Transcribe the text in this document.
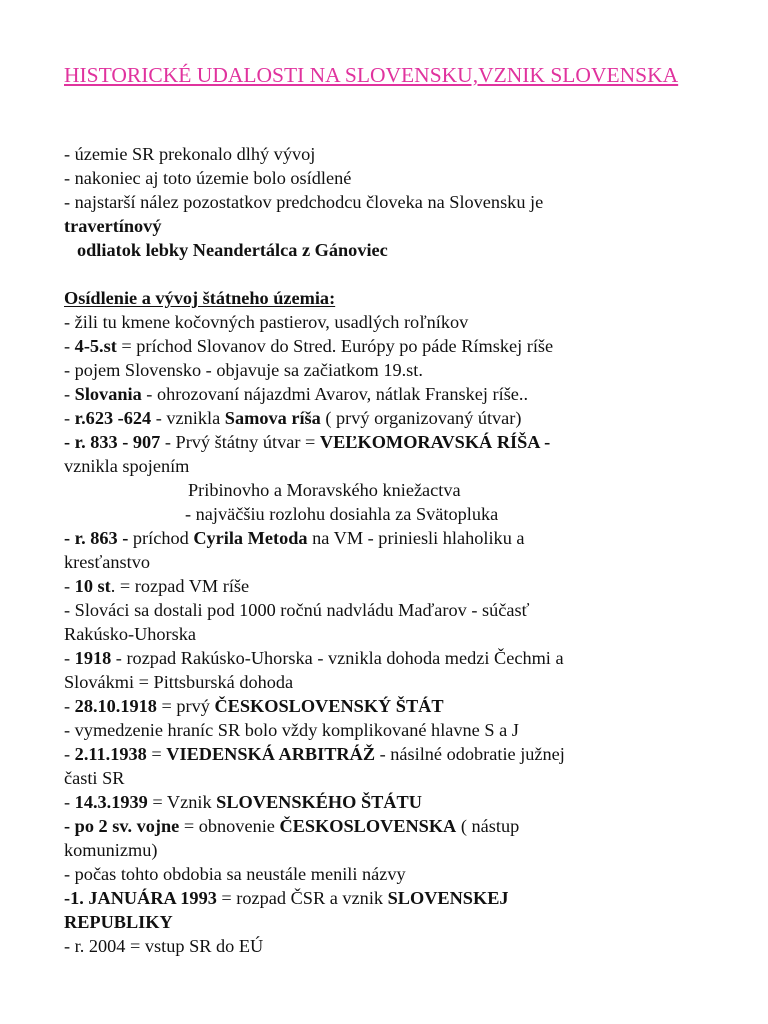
HISTORICKÉ UDALOSTI NA SLOVENSKU,VZNIK SLOVENSKA
- územie SR prekonalo dlhý vývoj
- nakoniec aj toto územie bolo osídlené
- najstarší nález pozostatkov predchodcu človeka na Slovensku je
travertínový
odliatok lebky Neandertálca z Gánoviec
Osídlenie a vývoj štátneho územia:
- žili tu kmene kočovných pastierov, usadlých roľníkov
- 4-5.st = príchod Slovanov do Stred. Európy po páde Rímskej ríše
- pojem Slovensko - objavuje sa začiatkom 19.st.
- Slovania - ohrozovaní nájazdmi Avarov, nátlak Franskej ríše..
- r.623 -624 - vznikla Samova ríša ( prvý organizovaný útvar)
- r. 833 - 907 - Prvý štátny útvar = VEĽKOMORAVSKÁ RÍŠA -
vznikla spojením
Pribinovho a Moravského kniežactva
- najväčšiu rozlohu dosiahla za Svätopluka
- r. 863 - príchod Cyrila Metoda na VM - priniesli hlaholiku a
kresťanstvo
- 10 st. = rozpad VM ríše
- Slováci sa dostali pod 1000 ročnú nadvládu Maďarov - súčasť
Rakúsko-Uhorska
- 1918 - rozpad Rakúsko-Uhorska - vznikla dohoda medzi Čechmi a
Slovákmi = Pittsburská dohoda
- 28.10.1918 = prvý ČESKOSLOVENSKÝ ŠTÁT
- vymedzenie hraníc SR bolo vždy komplikované hlavne S a J
- 2.11.1938 = VIEDENSKÁ ARBITRÁŽ - násilné odobratie južnej
časti SR
- 14.3.1939 = Vznik SLOVENSKÉHO ŠTÁTU
- po 2 sv. vojne = obnovenie ČESKOSLOVENSKA ( nástup
komunizmu)
- počas tohto obdobia sa neustále menili názvy
-1. JANUÁRA 1993 = rozpad ČSR a vznik SLOVENSKEJ
REPUBLIKY
- r. 2004 = vstup SR do EÚ
